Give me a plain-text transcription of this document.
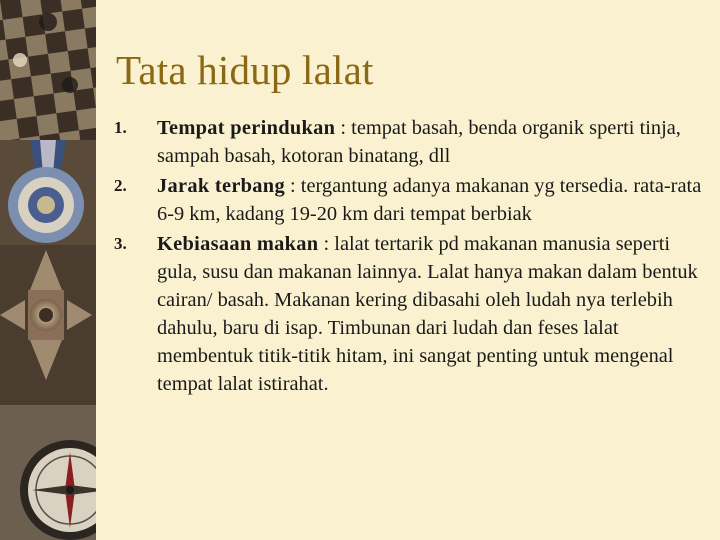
Tata hidup lalat
1. Tempat perindukan : tempat basah, benda organik sperti tinja, sampah basah, kotoran binatang, dll
2. Jarak terbang : tergantung adanya makanan yg tersedia. rata-rata 6-9 km, kadang 19-20 km dari tempat berbiak
3. Kebiasaan makan : lalat tertarik pd makanan manusia seperti gula, susu dan makanan lainnya. Lalat hanya makan dalam bentuk cairan/ basah. Makanan kering dibasahi oleh ludah nya terlebih dahulu, baru di isap. Timbunan dari ludah dan feses lalat membentuk titik-titik hitam, ini sangat penting untuk mengenal tempat lalat istirahat.
